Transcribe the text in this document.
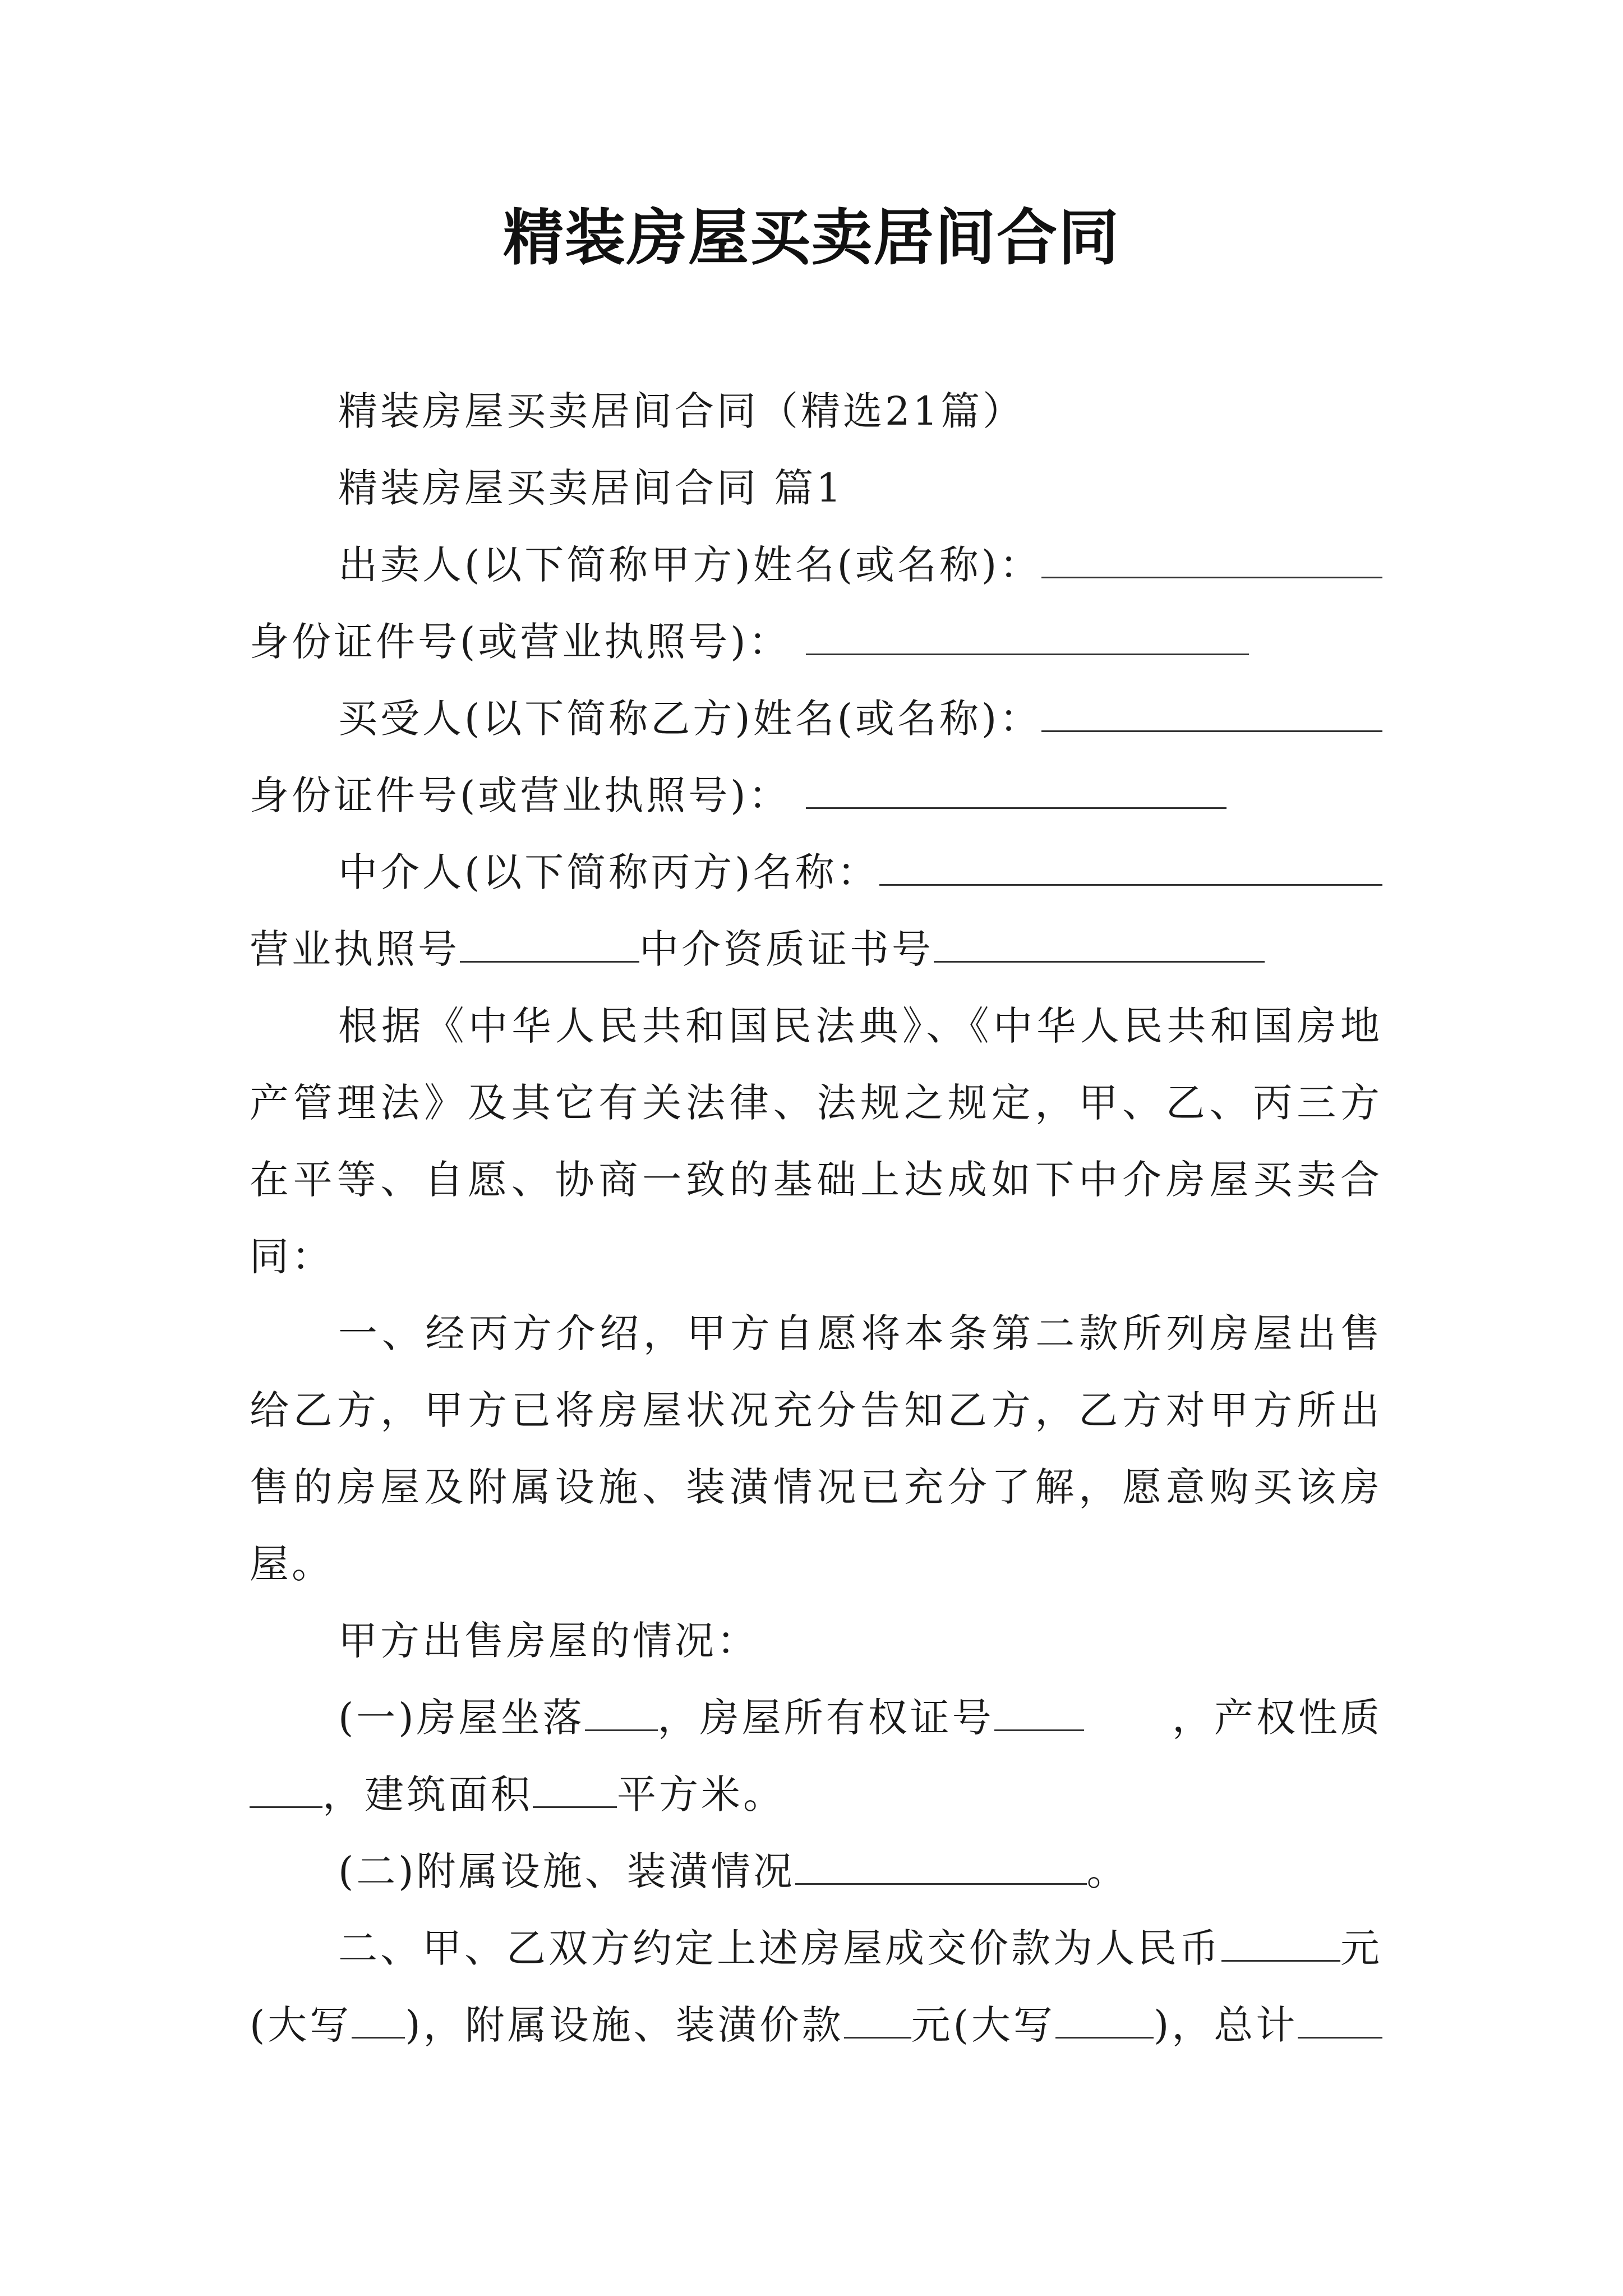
精装房屋买卖居间合同
精装房屋买卖居间合同（精选21篇）
精装房屋买卖居间合同 篇1
出卖人(以下简称甲方)姓名(或名称)：
身份证件号(或营业执照号)：
买受人(以下简称乙方)姓名(或名称)：
身份证件号(或营业执照号)：
中介人(以下简称丙方)名称：
营业执照号	中介资质证书号
根据《中华人民共和国民法典》、《中华人民共和国房地
产管理法》及其它有关法律、法规之规定，甲、乙、丙三方
在平等、自愿、协商一致的基础上达成如下中介房屋买卖合
同：
一、经丙方介绍，甲方自愿将本条第二款所列房屋出售
给乙方，甲方已将房屋状况充分告知乙方，乙方对甲方所出
售的房屋及附属设施、装潢情况已充分了解，愿意购买该房
屋。
甲方出售房屋的情况：
(一)房屋坐落 ，房屋所有权证号	，产权性质
，建筑面积 平方米。
(二)附属设施、装潢情况	。
二、甲、乙双方约定上述房屋成交价款为人民币	元
(大写 )，附属设施、装潢价款 元(大写	)，总计
